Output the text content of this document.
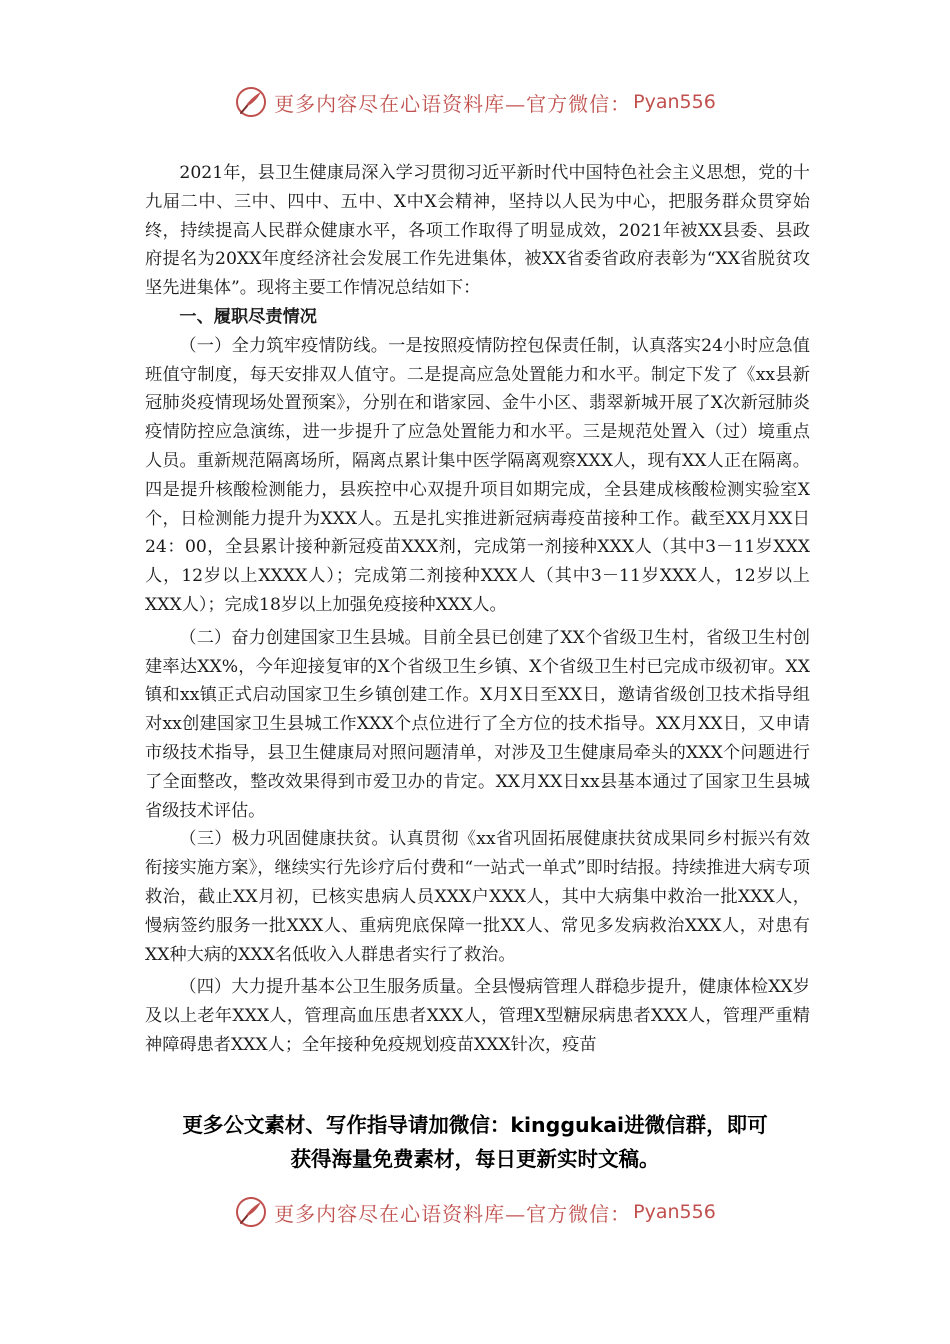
更多内容尽在心语资料库—官方微信： Pyan556

2021年，县卫生健康局深入学习贯彻习近平新时代中国特色社会主义思想，党的十九届二中、三中、四中、五中、X中X会精神，坚持以人民为中心，把服务群众贯穿始终，持续提高人民群众健康水平，各项工作取得了明显成效，2021年被XX县委、县政府提名为20XX年度经济社会发展工作先进集体，被XX省委省政府表彰为“XX省脱贫攻坚先进集体”。现将主要工作情况总结如下：

一、履职尽责情况

（一）全力筑牢疫情防线。一是按照疫情防控包保责任制，认真落实24小时应急值班值守制度，每天安排双人值守。二是提高应急处置能力和水平。制定下发了《xx县新冠肺炎疫情现场处置预案》，分别在和谐家园、金牛小区、翡翠新城开展了X次新冠肺炎疫情防控应急演练，进一步提升了应急处置能力和水平。三是规范处置入（过）境重点人员。重新规范隔离场所，隔离点累计集中医学隔离观察XXX人，现有XX人正在隔离。四是提升核酸检测能力，县疾控中心双提升项目如期完成，全县建成核酸检测实验室X个，日检测能力提升为XXX人。五是扎实推进新冠病毒疫苗接种工作。截至XX月XX日24：00，全县累计接种新冠疫苗XXX剂，完成第一剂接种XXX人（其中3－11岁XXX人，12岁以上XXXX人）；完成第二剂接种XXX人（其中3－11岁XXX人，12岁以上XXX人）；完成18岁以上加强免疫接种XXX人。

（二）奋力创建国家卫生县城。目前全县已创建了XX个省级卫生村，省级卫生村创建率达XX%，今年迎接复审的X个省级卫生乡镇、X个省级卫生村已完成市级初审。XX镇和xx镇正式启动国家卫生乡镇创建工作。X月X日至XX日，邀请省级创卫技术指导组对xx创建国家卫生县城工作XXX个点位进行了全方位的技术指导。XX月XX日，又申请市级技术指导，县卫生健康局对照问题清单，对涉及卫生健康局牵头的XXX个问题进行了全面整改，整改效果得到市爱卫办的肯定。XX月XX日xx县基本通过了国家卫生县城省级技术评估。

（三）极力巩固健康扶贫。认真贯彻《xx省巩固拓展健康扶贫成果同乡村振兴有效衔接实施方案》，继续实行先诊疗后付费和“一站式一单式”即时结报。持续推进大病专项救治，截止XX月初，已核实患病人员XXX户XXX人，其中大病集中救治一批XXX人，慢病签约服务一批XXX人、重病兜底保障一批XX人、常见多发病救治XXX人，对患有XX种大病的XXX名低收入人群患者实行了救治。

（四）大力提升基本公卫生服务质量。全县慢病管理人群稳步提升，健康体检XX岁及以上老年XXX人，管理高血压患者XXX人，管理X型糖尿病患者XXX人，管理严重精神障碍患者XXX人；全年接种免疫规划疫苗XXX针次，疫苗

更多公文素材、写作指导请加微信：kinggukai进微信群，即可
获得海量免费素材，每日更新实时文稿。
更多内容尽在心语资料库—官方微信： Pyan556
